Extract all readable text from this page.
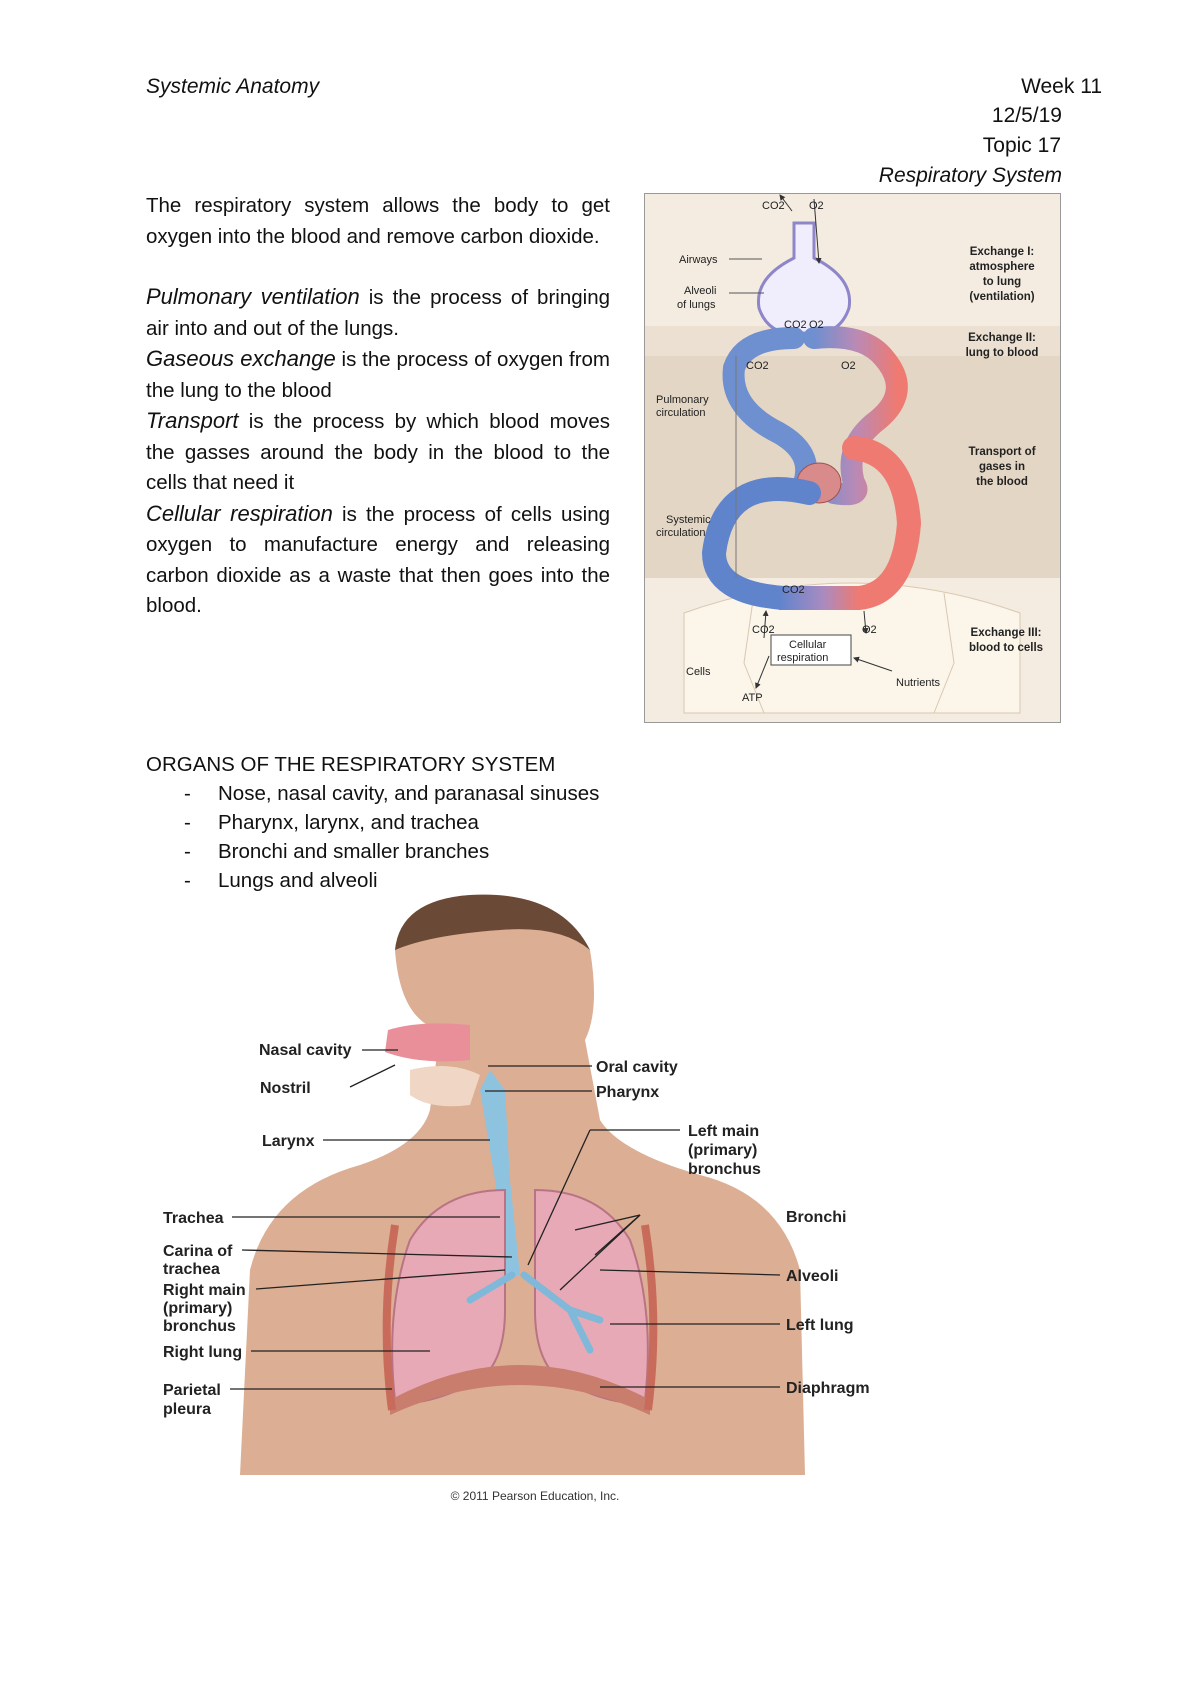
Systemic Anatomy	Week 11
12/5/19
Topic 17
Respiratory System

The respiratory system allows the body to get oxygen into the blood and remove carbon dioxide.

Pulmonary ventilation is the process of bringing air into and out of the lungs.

Gaseous exchange is the process of oxygen from the lung to the blood

Transport is the process by which blood moves the gasses around the body in the blood to the cells that need it

Cellular respiration is the process of cells using oxygen to manufacture energy and releasing carbon dioxide as a waste that then goes into the blood.

CO2 O2
Airways
Alveoli
of lungs
CO2 O2
CO2	O2
Pulmonary
circulation
Systemic
circulation
CO2
CO2	O2
Cellular
respiration
Cells
ATP
Nutrients
Exchange I:
atmosphere
to lung
(ventilation)
Exchange II:
lung to blood
Transport of
gases in
the blood
Exchange III:
blood to cells
ORGANS OF THE RESPIRATORY SYSTEM
- Nose, nasal cavity, and paranasal sinuses
- Pharynx, larynx, and trachea
- Bronchi and smaller branches
- Lungs and alveoli
Nasal cavity
Nostril
Larynx
Trachea
Carina of
trachea
Right main
(primary)
bronchus
Right lung
Parietal
pleura
Oral cavity
Pharynx
Left main
(primary)
bronchus
Bronchi
Alveoli
Left lung
Diaphragm
© 2011 Pearson Education, Inc.
